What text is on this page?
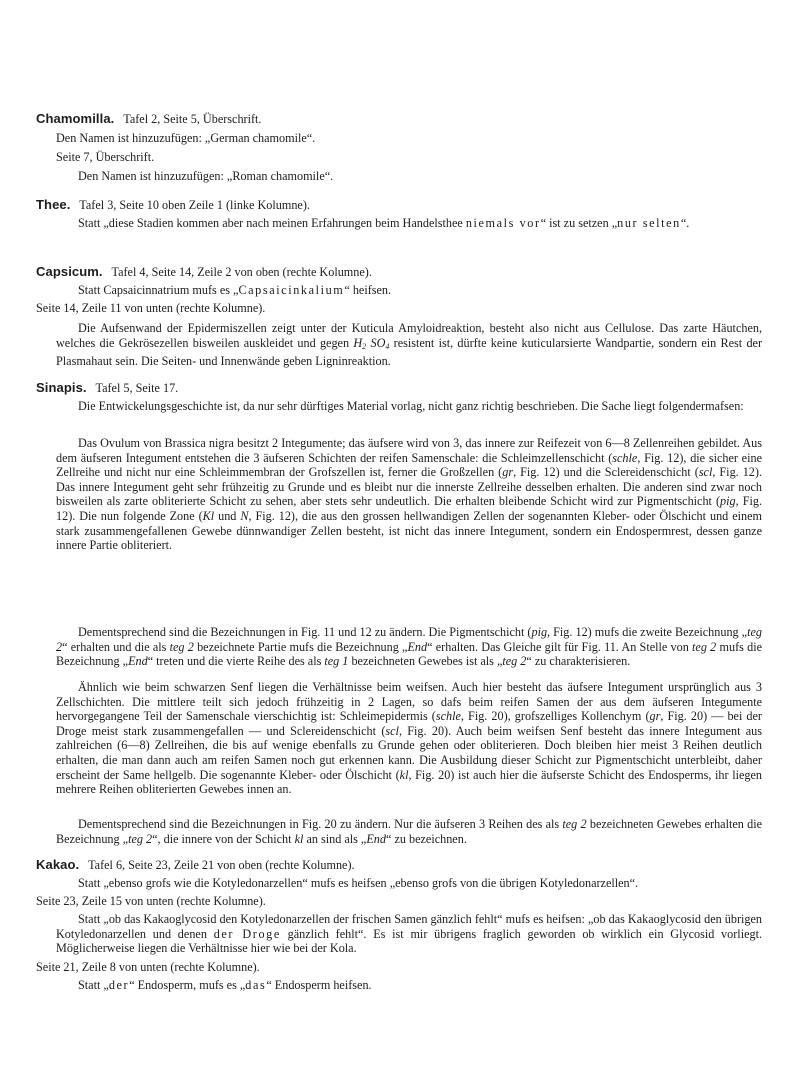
Chamomilla. Tafel 2, Seite 5, Überschrift.
Den Namen ist hinzuzufügen: „German chamomile“.
Seite 7, Überschrift.
Den Namen ist hinzuzufügen: „Roman chamomile“.
Thee. Tafel 3, Seite 10 oben Zeile 1 (linke Kolumne).

Statt „diese Stadien kommen aber nach meinen Erfahrungen beim Handelsthee niemals vor“ ist zu setzen „nur selten“.

Capsicum. Tafel 4, Seite 14, Zeile 2 von oben (rechte Kolumne).

Statt Capsaicinnatrium mufs es „Capsaicinkalium“ heifsen.

Seite 14, Zeile 11 von unten (rechte Kolumne).

Die Aufsenwand der Epidermiszellen zeigt unter der Kuticula Amyloidreaktion, besteht also nicht aus Cellulose. Das zarte Häutchen, welches die Gekrösezellen bisweilen auskleidet und gegen $H_2$ $SO_4$ resistent ist, dürfte keine kuticularsierte Wandpartie, sondern ein Rest der Plasmahaut sein. Die Seiten- und Innenwände geben Ligninreaktion.

Sinapis. Tafel 5, Seite 17.

Die Entwickelungsgeschichte ist, da nur sehr dürftiges Material vorlag, nicht ganz richtig beschrieben. Die Sache liegt folgendermafsen:

Das Ovulum von Brassica nigra besitzt 2 Integumente; das äufsere wird von 3, das innere zur Reifezeit von 6—8 Zellenreihen gebildet. Aus dem äufseren Integument entstehen die 3 äufseren Schichten der reifen Samenschale: die Schleimzellenschicht (schle, Fig. 12), die sicher eine Zellreihe und nicht nur eine Schleimmembran der Grofszellen ist, ferner die Großzellen (gr, Fig. 12) und die Sclereidenschicht (scl, Fig. 12). Das innere Integument geht sehr frühzeitig zu Grunde und es bleibt nur die innerste Zellreihe desselben erhalten. Die anderen sind zwar noch bisweilen als zarte obliterierte Schicht zu sehen, aber stets sehr undeutlich. Die erhalten bleibende Schicht wird zur Pigmentschicht (pig, Fig. 12). Die nun folgende Zone (Kl und N, Fig. 12), die aus den grossen hellwandigen Zellen der sogenannten Kleber- oder Ölschicht und einem stark zusammengefallenen Gewebe dünnwandiger Zellen besteht, ist nicht das innere Integument, sondern ein Endospermrest, dessen ganze innere Partie obliteriert.

Dementsprechend sind die Bezeichnungen in Fig. 11 und 12 zu ändern. Die Pigmentschicht (pig, Fig. 12) mufs die zweite Bezeichnung „teg 2“ erhalten und die als teg 2 bezeichnete Partie mufs die Bezeichnung „End“ erhalten. Das Gleiche gilt für Fig. 11. An Stelle von teg 2 mufs die Bezeichnung „End“ treten und die vierte Reihe des als teg 1 bezeichneten Gewebes ist als „teg 2“ zu charakterisieren.

Ähnlich wie beim schwarzen Senf liegen die Verhältnisse beim weifsen. Auch hier besteht das äufsere Integument ursprünglich aus 3 Zellschichten. Die mittlere teilt sich jedoch frühzeitig in 2 Lagen, so dafs beim reifen Samen der aus dem äufseren Integumente hervorgegangene Teil der Samenschale vierschichtig ist: Schleimepidermis (schle, Fig. 20), grofszelliges Kollenchym (gr, Fig. 20) — bei der Droge meist stark zusammengefallen — und Sclereidenschicht (scl, Fig. 20). Auch beim weifsen Senf besteht das innere Integument aus zahlreichen (6—8) Zellreihen, die bis auf wenige ebenfalls zu Grunde gehen oder obliterieren. Doch bleiben hier meist 3 Reihen deutlich erhalten, die man dann auch am reifen Samen noch gut erkennen kann. Die Ausbildung dieser Schicht zur Pigmentschicht unterbleibt, daher erscheint der Same hellgelb. Die sogenannte Kleber- oder Ölschicht (kl, Fig. 20) ist auch hier die äufserste Schicht des Endosperms, ihr liegen mehrere Reihen obliterierten Gewebes innen an.

Dementsprechend sind die Bezeichnungen in Fig. 20 zu ändern. Nur die äufseren 3 Reihen des als teg 2 bezeichneten Gewebes erhalten die Bezeichnung „teg 2“, die innere von der Schicht kl an sind als „End“ zu bezeichnen.

Kakao. Tafel 6, Seite 23, Zeile 21 von oben (rechte Kolumne).

Statt „ebenso grofs wie die Kotyledonarzellen“ mufs es heifsen „ebenso grofs von die übrigen Kotyledonarzellen“.

Seite 23, Zeile 15 von unten (rechte Kolumne).

Statt „ob das Kakaoglycosid den Kotyledonarzellen der frischen Samen gänzlich fehlt“ mufs es heifsen: „ob das Kakaoglycosid den übrigen Kotyledonarzellen und denen der Droge gänzlich fehlt“. Es ist mir übrigens fraglich geworden ob wirklich ein Glycosid vorliegt. Möglicherweise liegen die Verhältnisse hier wie bei der Kola.

Seite 21, Zeile 8 von unten (rechte Kolumne).

Statt „der“ Endosperm, mufs es „das“ Endosperm heifsen.
